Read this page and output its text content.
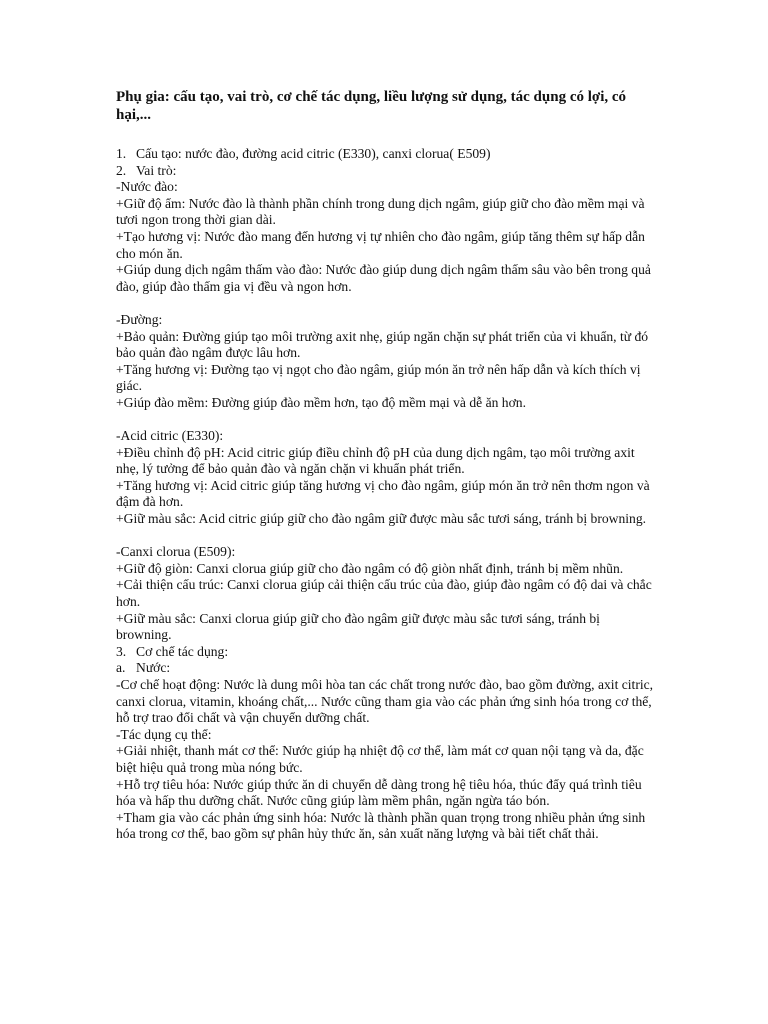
Phụ gia: cấu tạo, vai trò, cơ chế tác dụng, liều lượng sử dụng, tác dụng có lợi, có hại,...

1. Cấu tạo: nước đào, đường acid citric (E330), canxi clorua( E509)
2. Vai trò:
-Nước đào:
+Giữ độ ẩm: Nước đào là thành phần chính trong dung dịch ngâm, giúp giữ cho đào mềm mại và tươi ngon trong thời gian dài.
+Tạo hương vị: Nước đào mang đến hương vị tự nhiên cho đào ngâm, giúp tăng thêm sự hấp dẫn cho món ăn.
+Giúp dung dịch ngâm thấm vào đào: Nước đào giúp dung dịch ngâm thấm sâu vào bên trong quả đào, giúp đào thấm gia vị đều và ngon hơn.
-Đường:
+Bảo quản: Đường giúp tạo môi trường axit nhẹ, giúp ngăn chặn sự phát triển của vi khuẩn, từ đó bảo quản đào ngâm được lâu hơn.
+Tăng hương vị: Đường tạo vị ngọt cho đào ngâm, giúp món ăn trở nên hấp dẫn và kích thích vị giác.
+Giúp đào mềm: Đường giúp đào mềm hơn, tạo độ mềm mại và dễ ăn hơn.
-Acid citric (E330):
+Điều chỉnh độ pH: Acid citric giúp điều chỉnh độ pH của dung dịch ngâm, tạo môi trường axit nhẹ, lý tưởng để bảo quản đào và ngăn chặn vi khuẩn phát triển.
+Tăng hương vị: Acid citric giúp tăng hương vị cho đào ngâm, giúp món ăn trở nên thơm ngon và đậm đà hơn.
+Giữ màu sắc: Acid citric giúp giữ cho đào ngâm giữ được màu sắc tươi sáng, tránh bị browning.
-Canxi clorua (E509):
+Giữ độ giòn: Canxi clorua giúp giữ cho đào ngâm có độ giòn nhất định, tránh bị mềm nhũn.
+Cải thiện cấu trúc: Canxi clorua giúp cải thiện cấu trúc của đào, giúp đào ngâm có độ dai và chắc hơn.
+Giữ màu sắc: Canxi clorua giúp giữ cho đào ngâm giữ được màu sắc tươi sáng, tránh bị browning.
3. Cơ chế tác dụng:
a. Nước:
-Cơ chế hoạt động: Nước là dung môi hòa tan các chất trong nước đào, bao gồm đường, axit citric, canxi clorua, vitamin, khoáng chất,... Nước cũng tham gia vào các phản ứng sinh hóa trong cơ thể, hỗ trợ trao đổi chất và vận chuyển dưỡng chất.
-Tác dụng cụ thể:
+Giải nhiệt, thanh mát cơ thể: Nước giúp hạ nhiệt độ cơ thể, làm mát cơ quan nội tạng và da, đặc biệt hiệu quả trong mùa nóng bức.
+Hỗ trợ tiêu hóa: Nước giúp thức ăn di chuyển dễ dàng trong hệ tiêu hóa, thúc đẩy quá trình tiêu hóa và hấp thu dưỡng chất. Nước cũng giúp làm mềm phân, ngăn ngừa táo bón.
+Tham gia vào các phản ứng sinh hóa: Nước là thành phần quan trọng trong nhiều phản ứng sinh hóa trong cơ thể, bao gồm sự phân hủy thức ăn, sản xuất năng lượng và bài tiết chất thải.
